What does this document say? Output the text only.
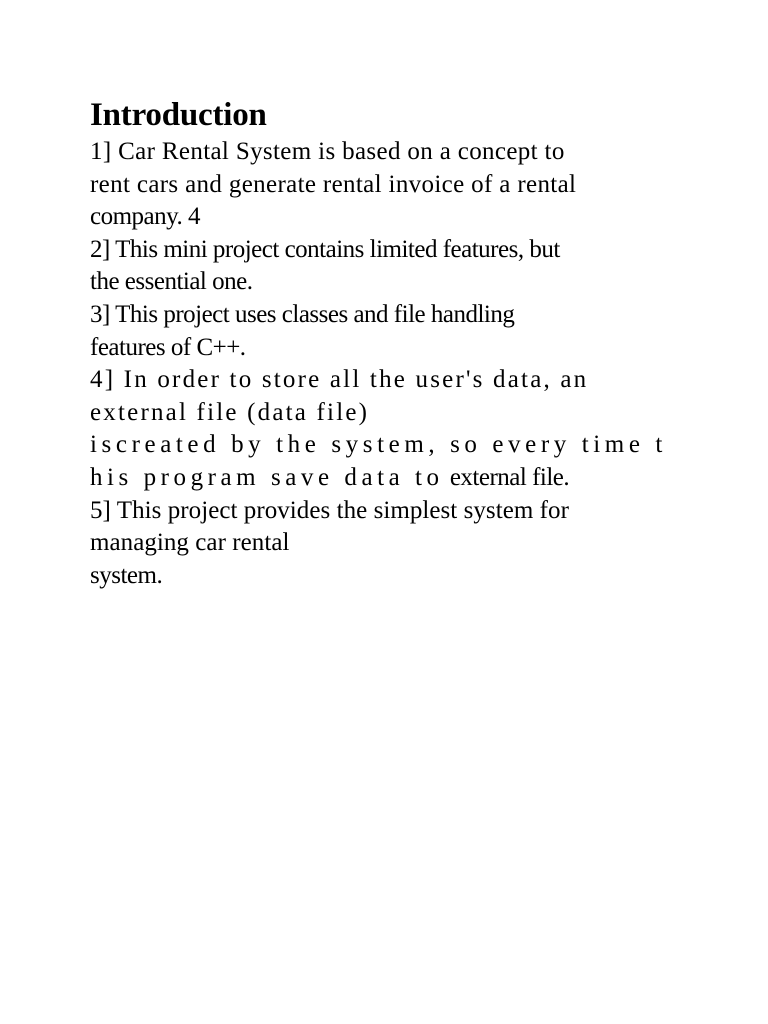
Introduction
1] Car Rental System is based on a concept to
rent cars and generate rental invoice of a rental
company. 4
2] This mini project contains limited features, but
the essential one.
3] This project uses classes and file handling
features of C++.
4] In order to store all the user's data, an
external file (data file)
iscreated by the system, so every time t
his program save data to external file.
5] This project provides the simplest system for
managing car rental
system.
